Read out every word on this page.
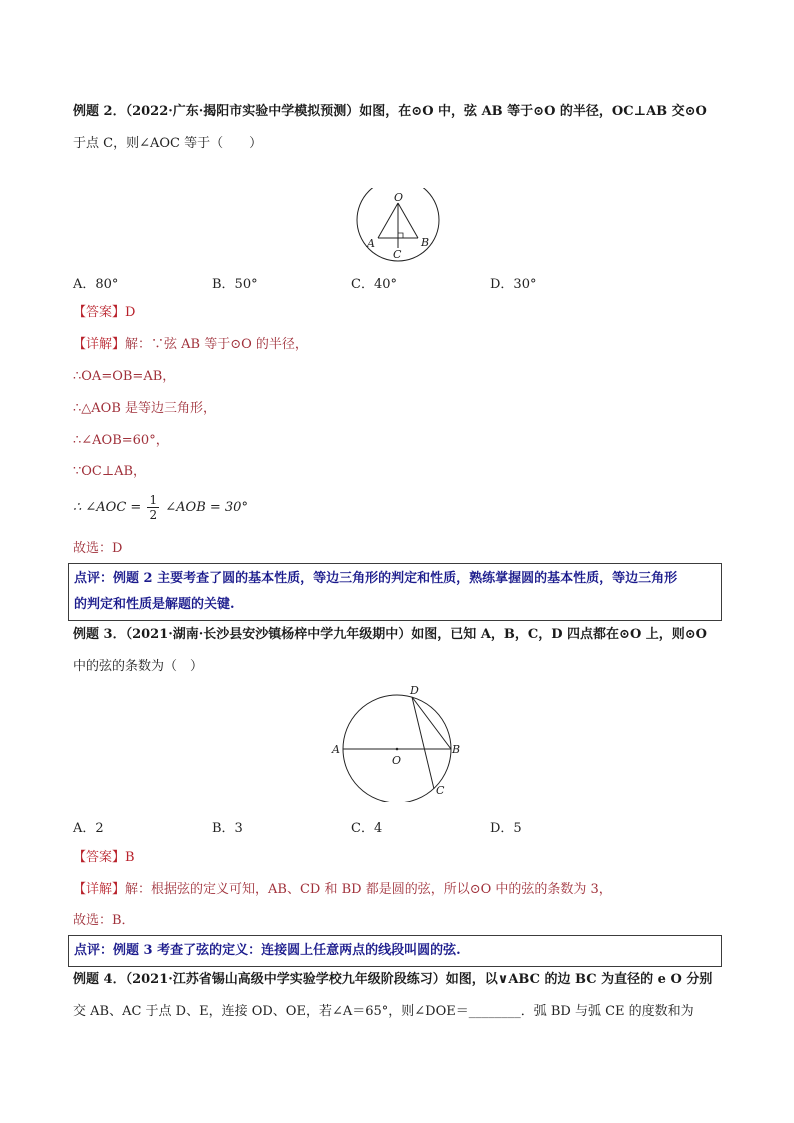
例题 2．（2022·广东·揭阳市实验中学模拟预测）如图，在⊙O 中，弦 AB 等于⊙O 的半径，OC⊥AB 交⊙O
于点 C，则∠AOC 等于（　　）
O
A	B
C
A．80°	B．50°	C．40°	D．30°
【答案】D
【详解】解：∵弦 AB 等于⊙O 的半径，
∴OA=OB=AB，
∴△AOB 是等边三角形，
∴∠AOB=60°，
∵OC⊥AB，
∴ ∠AOC = $\frac{1}{2}$ ∠AOB = 30°
故选：D
点评：例题 2 主要考查了圆的基本性质，等边三角形的判定和性质，熟练掌握圆的基本性质，等边三角形
的判定和性质是解题的关键.
例题 3．（2021·湖南·长沙县安沙镇杨梓中学九年级期中）如图，已知 A，B，C，D 四点都在⊙O 上，则⊙O
中的弦的条数为（　）
D
A
O
B
C
A．2	B．3	C．4	D．5
【答案】B
【详解】解：根据弦的定义可知，AB、CD 和 BD 都是圆的弦，所以⊙O 中的弦的条数为 3，
故选：B．
点评：例题 3 考查了弦的定义：连接圆上任意两点的线段叫圆的弦.
例题 4．（2021·江苏省锡山高级中学实验学校九年级阶段练习）如图，以∨ABC 的边 BC 为直径的 e O 分别
交 AB、AC 于点 D、E，连接 OD、OE，若∠A＝65°，则∠DOE＝________．弧 BD 与弧 CE 的度数和为
